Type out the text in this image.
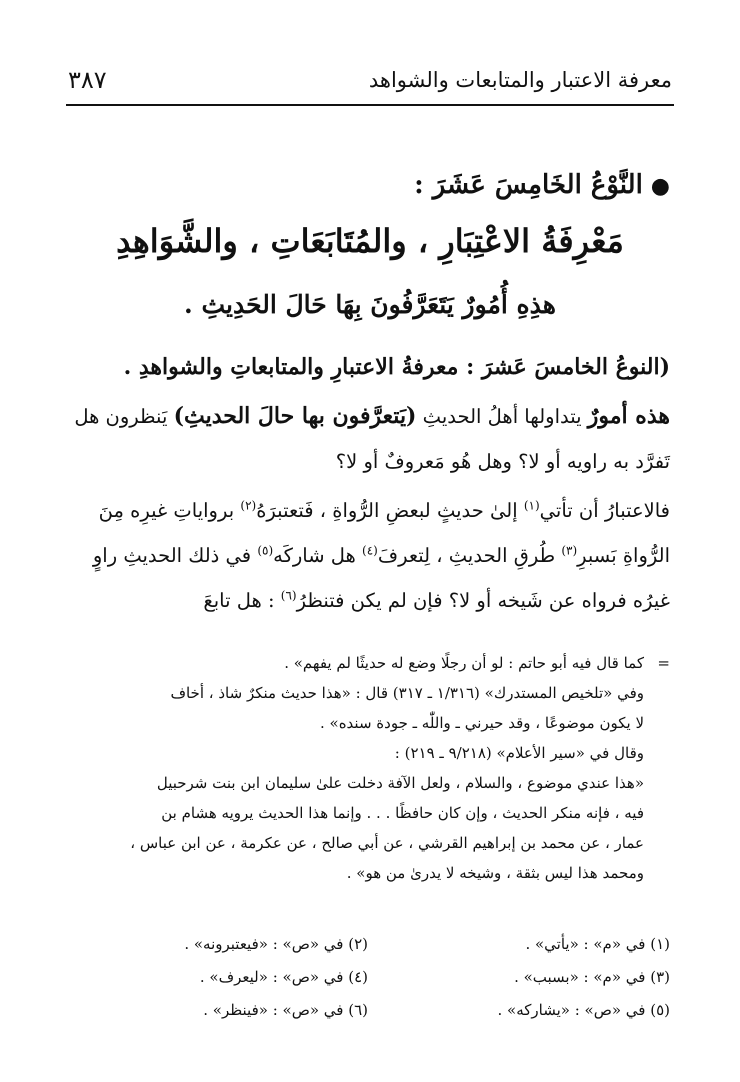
معرفة الاعتبار والمتابعات والشواهد
٣٨٧
●النَّوْعُ الخَامِسَ عَشَرَ :
مَعْرِفَةُ الاعْتِبَارِ ، والمُتَابَعَاتِ ، والشَّوَاهِدِ
هذِهِ أُمُورٌ يَتَعَرَّفُونَ بِهَا حَالَ الحَدِيثِ .

(النوعُ الخامسَ عَشرَ : معرفةُ الاعتبارِ والمتابعاتِ والشواهدِ .

هذه أمورٌ يتداولها أهلُ الحديثِ (يَتعرَّفون بها حالَ الحديثِ) يَنظرون هل تَفرَّد به راويه أو لا؟ وهل هُو مَعروفٌ أو لا؟

فالاعتبارُ أن تأتي$^{(١)}$ إلىٰ حديثٍ لبعضِ الرُّواةِ ، فَتعتبرَهُ$^{(٢)}$ برواياتِ غيرِه مِنَ الرُّواةِ بَسبرِ$^{(٣)}$ طُرقِ الحديثِ ، لِتعرفَ$^{(٤)}$ هل شاركَه$^{(٥)}$ في ذلك الحديثِ راوٍ غيرُه فرواه عن شَيخه أو لا؟ فإن لم يكن فتنظرُ$^{(٦)}$ : هل تابعَ

=
كما قال فيه أبو حاتم : لو أن رجلًا وضع له حديثًا لم يفهم» .
وفي «تلخيص المستدرك» (١/٣١٦ ـ ٣١٧) قال : «هذا حديث منكرٌ شاذ ، أخاف
لا يكون موضوعًا ، وقد حيرني ـ واللّٰه ـ جودة سنده» .
وقال في «سير الأعلام» (٩/٢١٨ ـ ٢١٩) :
«هذا عندي موضوع ، والسلام ، ولعل الآفة دخلت علىٰ سليمان ابن بنت شرحبيل
فيه ، فإنه منكر الحديث ، وإن كان حافظًا . . . وإنما هذا الحديث يرويه هشام بن
عمار ، عن محمد بن إبراهيم القرشي ، عن أبي صالح ، عن عكرمة ، عن ابن عباس ،
ومحمد هذا ليس بثقة ، وشيخه لا يدرىٰ من هو» .
(١) في «م» : «يأتي» .
(٢) في «ص» : «فيعتبرونه» .
(٣) في «م» : «بسبب» .
(٤) في «ص» : «ليعرف» .
(٥) في «ص» : «يشاركه» .
(٦) في «ص» : «فينظر» .
